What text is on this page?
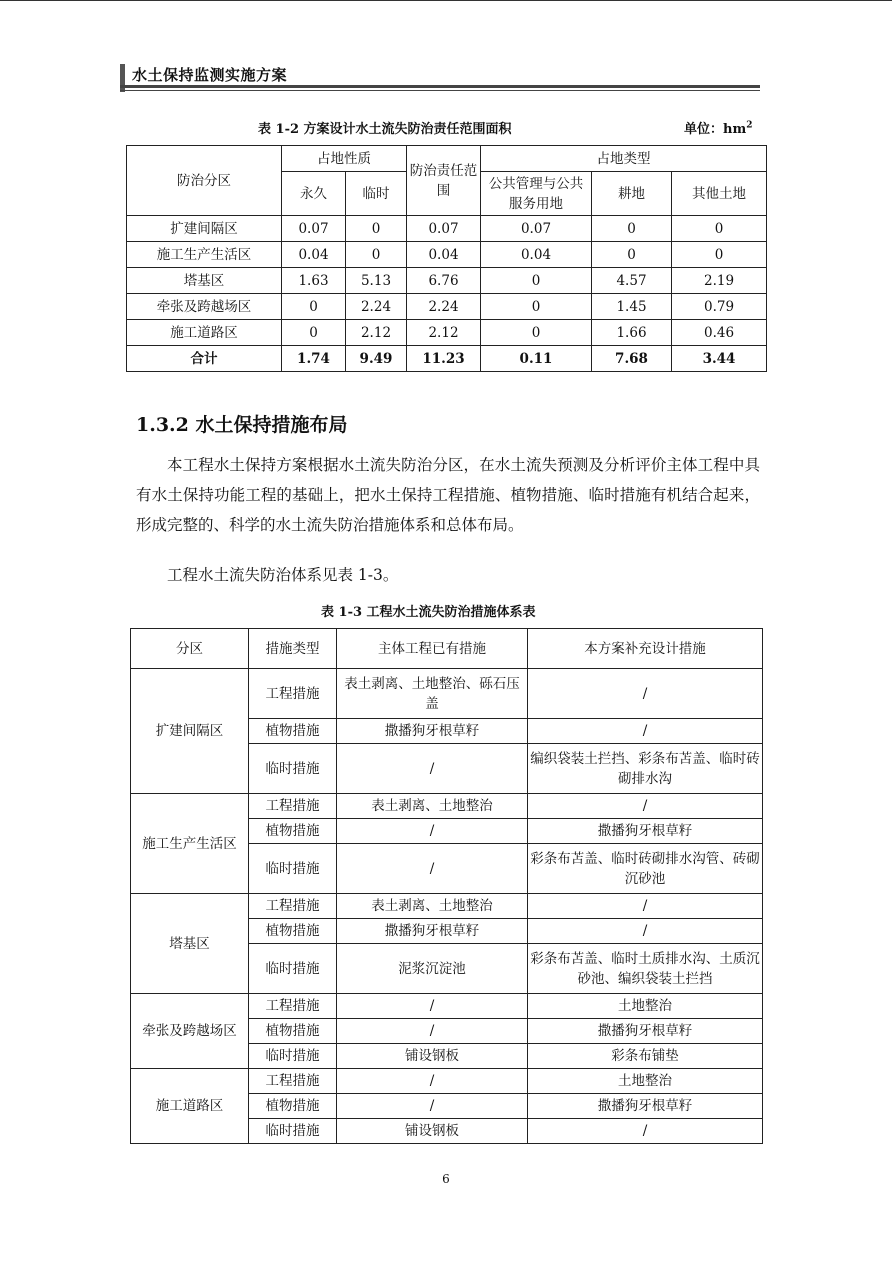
水土保持监测实施方案
表 1-2 方案设计水土流失防治责任范围面积	单位：$hm^2$
防治分区	占地性质		防治责任范围	占地类型		
	永久	临时		公共管理与公共服务用地	耕地	其他土地
扩建间隔区	0.07	0	0.07	0.07	0	0
施工生产生活区	0.04	0	0.04	0.04	0	0
塔基区	1.63	5.13	6.76	0	4.57	2.19
牵张及跨越场区	0	2.24	2.24	0	1.45	0.79
施工道路区	0	2.12	2.12	0	1.66	0.46
合计	1.74	9.49	11.23	0.11	7.68	3.44
1.3.2 水土保持措施布局
本工程水土保持方案根据水土流失防治分区，在水土流失预测及分析评价主体工程中具有水土保持功能工程的基础上，把水土保持工程措施、植物措施、临时措施有机结合起来，形成完整的、科学的水土流失防治措施体系和总体布局。
工程水土流失防治体系见表 1-3。
表 1-3 工程水土流失防治措施体系表
分区	措施类型	主体工程已有措施	本方案补充设计措施
扩建间隔区	工程措施	表土剥离、土地整治、砾石压盖	/
	植物措施	撒播狗牙根草籽	/
	临时措施	/	编织袋装土拦挡、彩条布苫盖、临时砖砌排水沟
施工生产生活区	工程措施	表土剥离、土地整治	/
	植物措施	/	撒播狗牙根草籽
	临时措施	/	彩条布苫盖、临时砖砌排水沟管、砖砌沉砂池
塔基区	工程措施	表土剥离、土地整治	/
	植物措施	撒播狗牙根草籽	/
	临时措施	泥浆沉淀池	彩条布苫盖、临时土质排水沟、土质沉砂池、编织袋装土拦挡
牵张及跨越场区	工程措施	/	土地整治
	植物措施	/	撒播狗牙根草籽
	临时措施	铺设钢板	彩条布铺垫
施工道路区	工程措施	/	土地整治
	植物措施	/	撒播狗牙根草籽
	临时措施	铺设钢板	/
6
